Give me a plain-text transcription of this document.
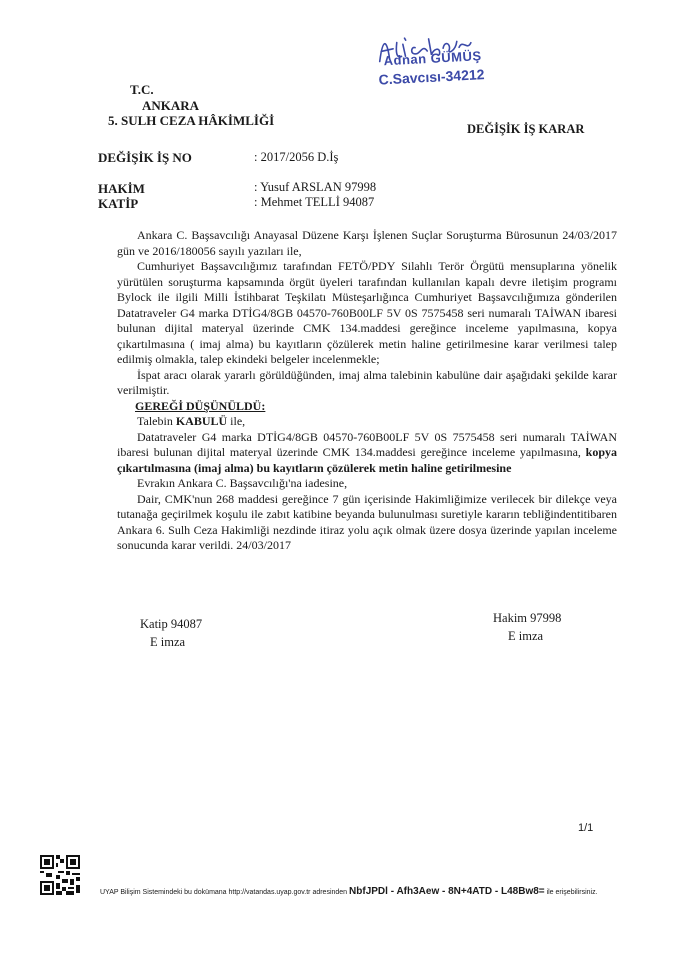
Adnan GÜMÜŞ
C.Savcısı-34212
T.C.
ANKARA
5. SULH CEZA HÂKİMLİĞİ
DEĞİŞİK İŞ KARAR
DEĞİŞİK İŞ NO	: 2017/2056 D.İş
HAKİM	: Yusuf ARSLAN 97998
KATİP	: Mehmet TELLİ 94087

Ankara C. Başsavcılığı Anayasal Düzene Karşı İşlenen Suçlar Soruşturma Bürosunun 24/03/2017 gün ve 2016/180056 sayılı yazıları ile,

Cumhuriyet Başsavcılığımız tarafından FETÖ/PDY Silahlı Terör Örgütü mensuplarına yönelik yürütülen soruşturma kapsamında örgüt üyeleri tarafından kullanılan kapalı devre iletişim programı Bylock ile ilgili Milli İstihbarat Teşkilatı Müsteşarlığınca Cumhuriyet Başsavcılığımıza gönderilen Datatraveler G4 marka DTİG4/8GB 04570-760B00LF 5V 0S 7575458 seri numaralı TAİWAN ibaresi bulunan dijital materyal üzerinde CMK 134.maddesi gereğince inceleme yapılmasına, kopya çıkartılmasına ( imaj alma) bu kayıtların çözülerek metin haline getirilmesine karar verilmesi talep edilmiş olmakla, talep ekindeki belgeler incelenmekle;

İspat aracı olarak yararlı görüldüğünden, imaj alma talebinin kabulüne dair aşağıdaki şekilde karar verilmiştir.

GEREĞİ DÜŞÜNÜLDÜ:

Talebin KABULÜ ile,

Datatraveler G4 marka DTİG4/8GB 04570-760B00LF 5V 0S 7575458 seri numaralı TAİWAN ibaresi bulunan dijital materyal üzerinde CMK 134.maddesi gereğince inceleme yapılmasına, kopya çıkartılmasına (imaj alma) bu kayıtların çözülerek metin haline getirilmesine

Evrakın Ankara C. Başsavcılığı'na iadesine,

Dair, CMK'nun 268 maddesi gereğince 7 gün içerisinde Hakimliğimize verilecek bir dilekçe veya tutanağa geçirilmek koşulu ile zabıt katibine beyanda bulunulması suretiyle kararın tebliğindentitibaren Ankara 6. Sulh Ceza Hakimliği nezdinde itiraz yolu açık olmak üzere dosya üzerinde yapılan inceleme sonucunda karar verildi. 24/03/2017

Katip 94087
E imza
Hakim 97998
E imza
1/1
UYAP Bilişim Sistemindeki bu dokümana http://vatandas.uyap.gov.tr adresinden NbfJPDl - Afh3Aew - 8N+4ATD - L48Bw8= ile erişebilirsiniz.
